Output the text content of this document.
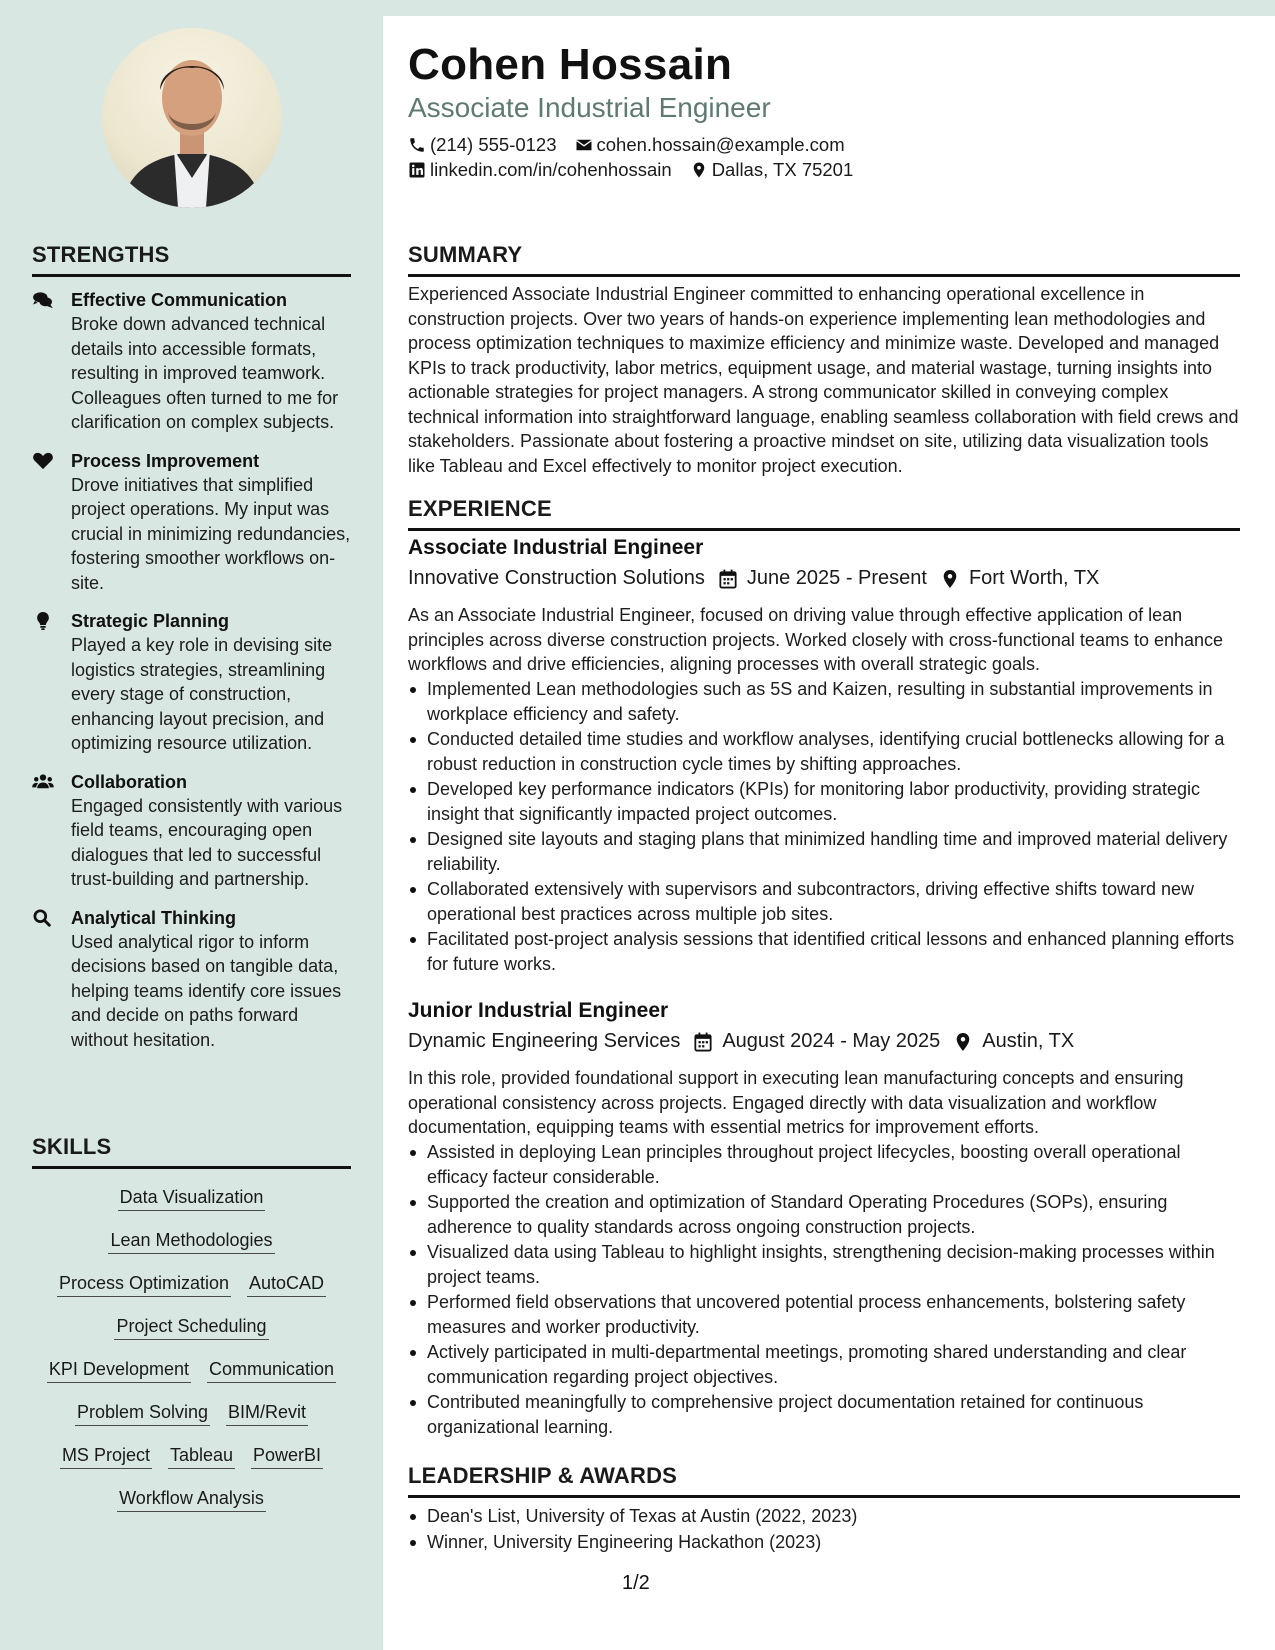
Cohen Hossain
Associate Industrial Engineer
(214) 555-0123 cohen.hossain@example.com
linkedin.com/in/cohenhossain Dallas, TX 75201
STRENGTHS
Effective Communication
Broke down advanced technical details into accessible formats, resulting in improved teamwork. Colleagues often turned to me for clarification on complex subjects.
Process Improvement
Drove initiatives that simplified project operations. My input was crucial in minimizing redundancies, fostering smoother workflows on-site.
Strategic Planning
Played a key role in devising site logistics strategies, streamlining every stage of construction, enhancing layout precision, and optimizing resource utilization.
Collaboration
Engaged consistently with various field teams, encouraging open dialogues that led to successful trust-building and partnership.
Analytical Thinking
Used analytical rigor to inform decisions based on tangible data, helping teams identify core issues and decide on paths forward without hesitation.
SKILLS
Data Visualization
Lean Methodologies
Process Optimization AutoCAD
Project Scheduling
KPI Development Communication
Problem Solving BIM/Revit
MS Project Tableau PowerBI
Workflow Analysis
SUMMARY
Experienced Associate Industrial Engineer committed to enhancing operational excellence in construction projects. Over two years of hands-on experience implementing lean methodologies and process optimization techniques to maximize efficiency and minimize waste. Developed and managed KPIs to track productivity, labor metrics, equipment usage, and material wastage, turning insights into actionable strategies for project managers. A strong communicator skilled in conveying complex technical information into straightforward language, enabling seamless collaboration with field crews and stakeholders. Passionate about fostering a proactive mindset on site, utilizing data visualization tools like Tableau and Excel effectively to monitor project execution.
EXPERIENCE
Associate Industrial Engineer
Innovative Construction Solutions June 2025 - Present Fort Worth, TX
As an Associate Industrial Engineer, focused on driving value through effective application of lean principles across diverse construction projects. Worked closely with cross-functional teams to enhance workflows and drive efficiencies, aligning processes with overall strategic goals.
Implemented Lean methodologies such as 5S and Kaizen, resulting in substantial improvements in workplace efficiency and safety.
Conducted detailed time studies and workflow analyses, identifying crucial bottlenecks allowing for a robust reduction in construction cycle times by shifting approaches.
Developed key performance indicators (KPIs) for monitoring labor productivity, providing strategic insight that significantly impacted project outcomes.
Designed site layouts and staging plans that minimized handling time and improved material delivery reliability.
Collaborated extensively with supervisors and subcontractors, driving effective shifts toward new operational best practices across multiple job sites.
Facilitated post-project analysis sessions that identified critical lessons and enhanced planning efforts for future works.
Junior Industrial Engineer
Dynamic Engineering Services August 2024 - May 2025 Austin, TX
In this role, provided foundational support in executing lean manufacturing concepts and ensuring operational consistency across projects. Engaged directly with data visualization and workflow documentation, equipping teams with essential metrics for improvement efforts.
Assisted in deploying Lean principles throughout project lifecycles, boosting overall operational efficacy facteur considerable.
Supported the creation and optimization of Standard Operating Procedures (SOPs), ensuring adherence to quality standards across ongoing construction projects.
Visualized data using Tableau to highlight insights, strengthening decision-making processes within project teams.
Performed field observations that uncovered potential process enhancements, bolstering safety measures and worker productivity.
Actively participated in multi-departmental meetings, promoting shared understanding and clear communication regarding project objectives.
Contributed meaningfully to comprehensive project documentation retained for continuous organizational learning.
LEADERSHIP & AWARDS
Dean's List, University of Texas at Austin (2022, 2023)
Winner, University Engineering Hackathon (2023)
1/2
